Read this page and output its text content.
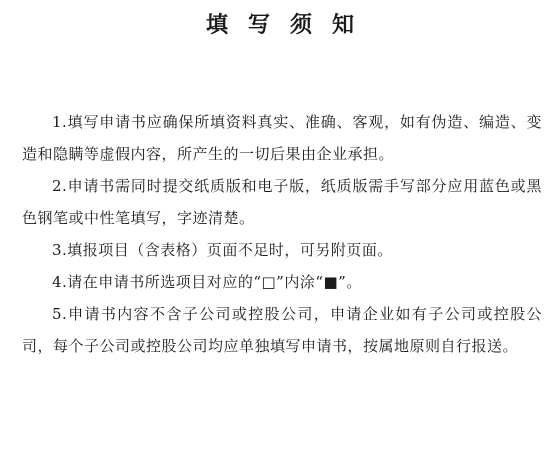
填写须知

1.填写申请书应确保所填资料真实、准确、客观，如有伪造、编造、变造和隐瞒等虚假内容，所产生的一切后果由企业承担。

2.申请书需同时提交纸质版和电子版，纸质版需手写部分应用蓝色或黑色钢笔或中性笔填写，字迹清楚。

3.填报项目（含表格）页面不足时，可另附页面。

4.请在申请书所选项目对应的“□”内涂“■”。

5.申请书内容不含子公司或控股公司，申请企业如有子公司或控股公司，每个子公司或控股公司均应单独填写申请书，按属地原则自行报送。
